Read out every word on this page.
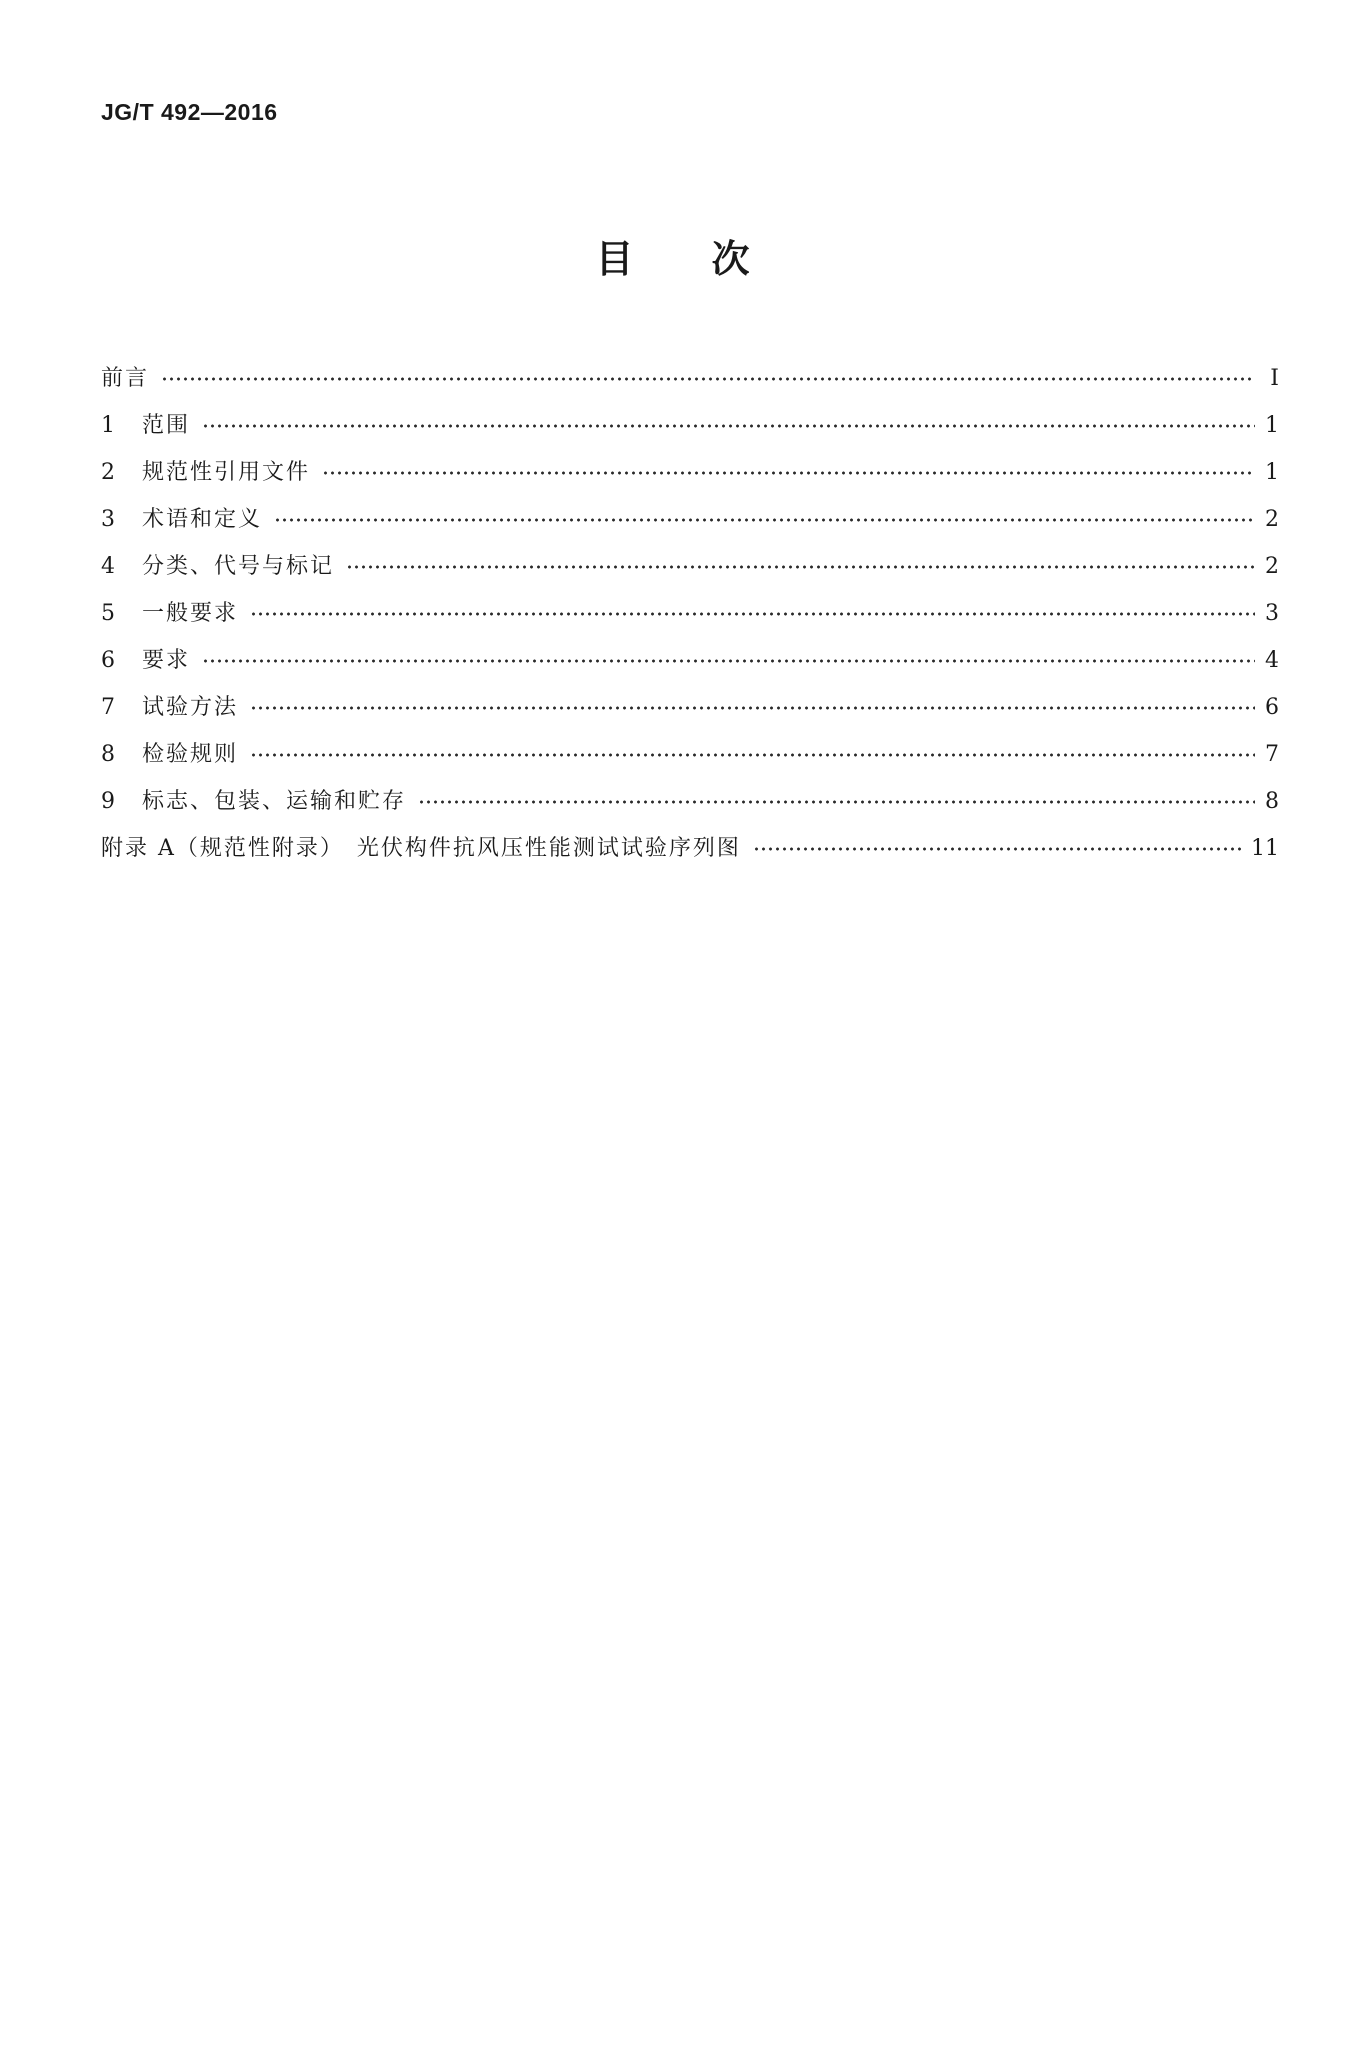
JG/T 492—2016
目次
前言	Ⅰ
1	范围	1
2	规范性引用文件	1
3	术语和定义	2
4	分类、代号与标记	2
5	一般要求	3
6	要求	4
7	试验方法	6
8	检验规则	7
9	标志、包装、运输和贮存	8
附录 A（规范性附录）　光伏构件抗风压性能测试试验序列图	11
